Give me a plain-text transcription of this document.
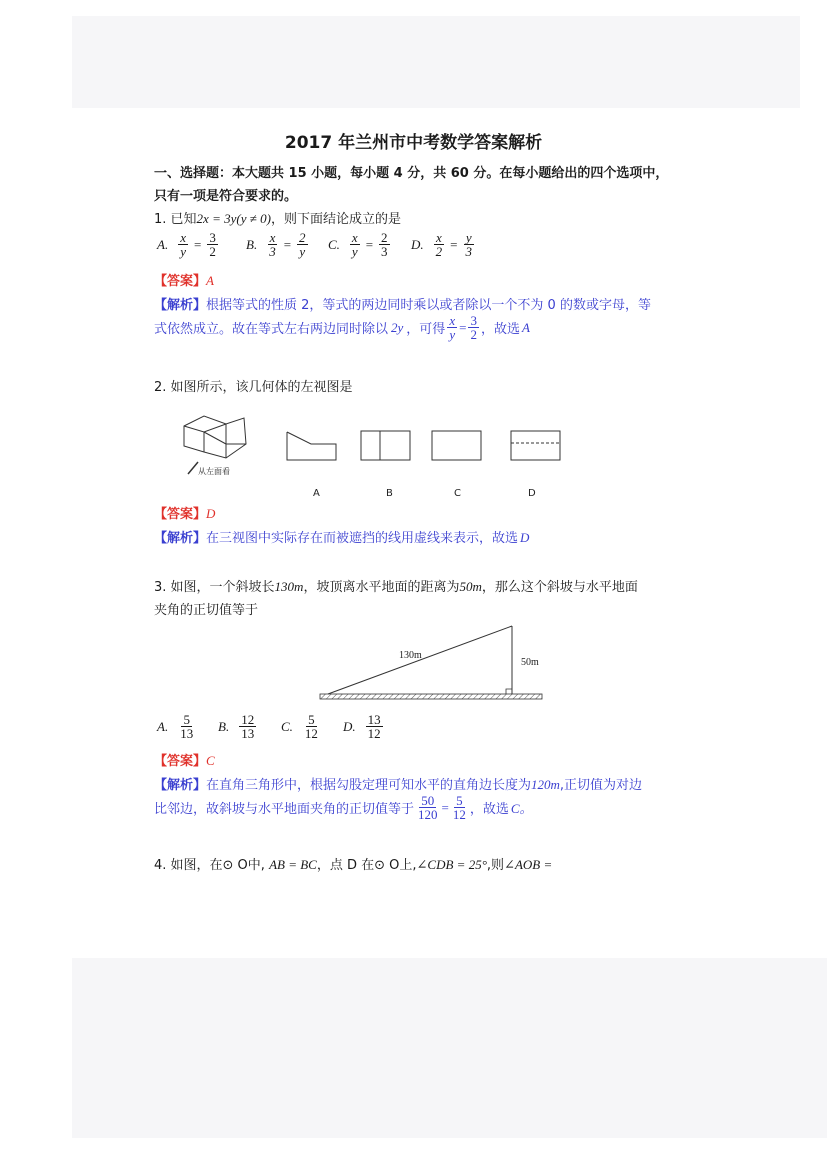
2017 年兰州市中考数学答案解析
一、选择题：本大题共 15 小题，每小题 4 分，共 60 分。在每小题给出的四个选项中，
只有一项是符合要求的。
1. 已知2x = 3y(y ≠ 0)，则下面结论成立的是
A. $\frac{x}{y} = \frac{3}{2} B$. $\frac{x}{3} = \frac{2}{y} C$. $\frac{x}{y} = \frac{2}{3} D$. $\frac{x}{2} = \frac{y}{3}$
【答案】A
【解析】根据等式的性质 2，等式的两边同时乘以或者除以一个不为 0 的数或字母，等
式依然成立。故在等式左右两边同时除以 2y ，可得 $\frac{x}{y} = \frac{3}{2}$ ，故选 A
2. 如图所示，该几何体的左视图是
从左面看
A	B	C	D
【答案】D
【解析】在三视图中实际存在而被遮挡的线用虚线来表示，故选 D
3. 如图，一个斜坡长130m，坡顶离水平地面的距离为50m，那么这个斜坡与水平地面
夹角的正切值等于
130m
50m
A. $\frac{5}{13} B$. $\frac{12}{13} C$. $\frac{5}{12} D$. $\frac{13}{12}$
【答案】C
【解析】在直角三角形中，根据勾股定理可知水平的直角边长度为120m,正切值为对边
比邻边，故斜坡与水平地面夹角的正切值等于 $\frac{50}{120} = \frac{5}{12}$ ，故选 C。
4. 如图，在⊙ O中, AB = BC，点 D 在⊙ O上,∠CDB = 25°,则∠AOB =
